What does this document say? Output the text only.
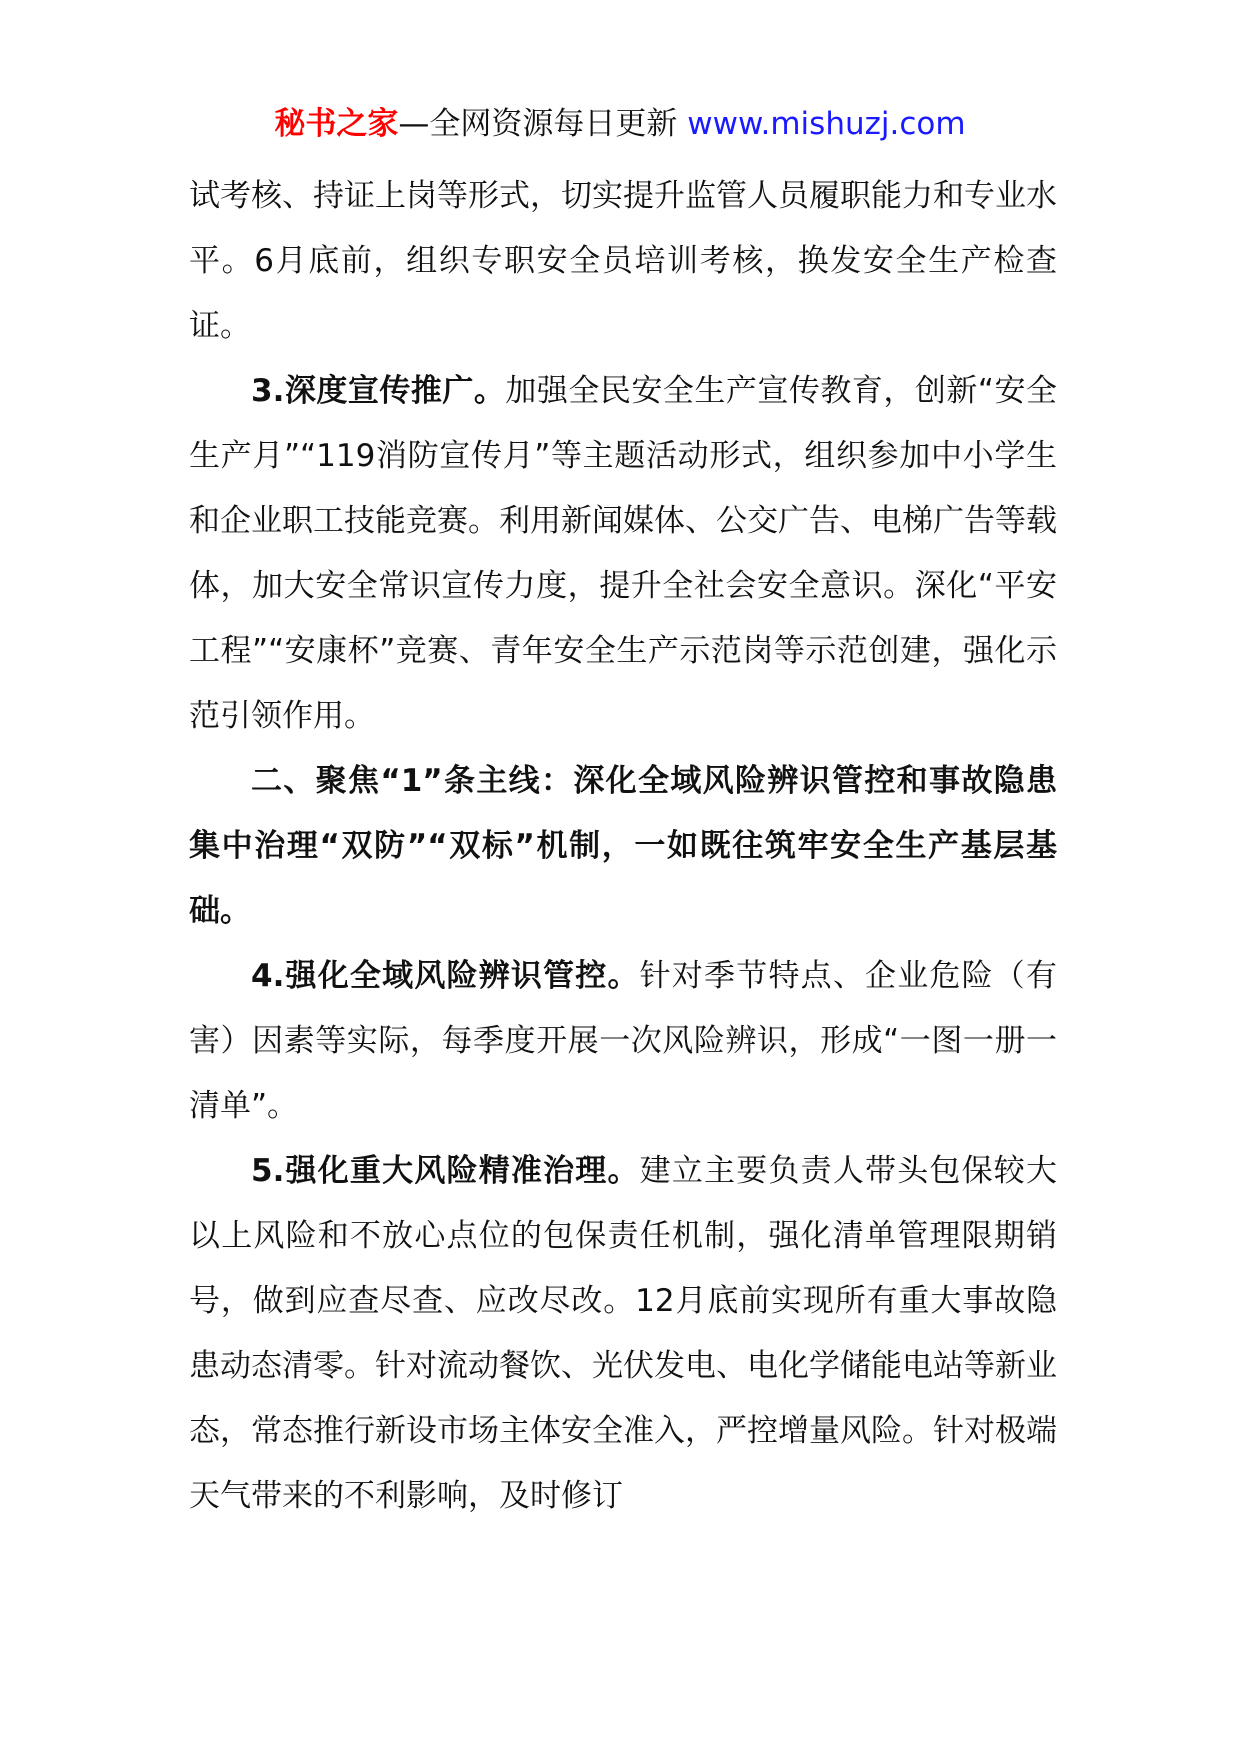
秘书之家—全网资源每日更新 www.mishuzj.com

试考核、持证上岗等形式，切实提升监管人员履职能力和专业水平。6月底前，组织专职安全员培训考核，换发安全生产检查证。

3.深度宣传推广。加强全民安全生产宣传教育，创新“安全生产月”“119消防宣传月”等主题活动形式，组织参加中小学生和企业职工技能竞赛。利用新闻媒体、公交广告、电梯广告等载体，加大安全常识宣传力度，提升全社会安全意识。深化“平安工程”“安康杯”竞赛、青年安全生产示范岗等示范创建，强化示范引领作用。

二、聚焦“1”条主线：深化全域风险辨识管控和事故隐患集中治理“双防”“双标”机制，一如既往筑牢安全生产基层基础。

4.强化全域风险辨识管控。针对季节特点、企业危险（有害）因素等实际，每季度开展一次风险辨识，形成“一图一册一清单”。

5.强化重大风险精准治理。建立主要负责人带头包保较大以上风险和不放心点位的包保责任机制，强化清单管理限期销号，做到应查尽查、应改尽改。12月底前实现所有重大事故隐患动态清零。针对流动餐饮、光伏发电、电化学储能电站等新业态，常态推行新设市场主体安全准入，严控增量风险。针对极端天气带来的不利影响，及时修订
